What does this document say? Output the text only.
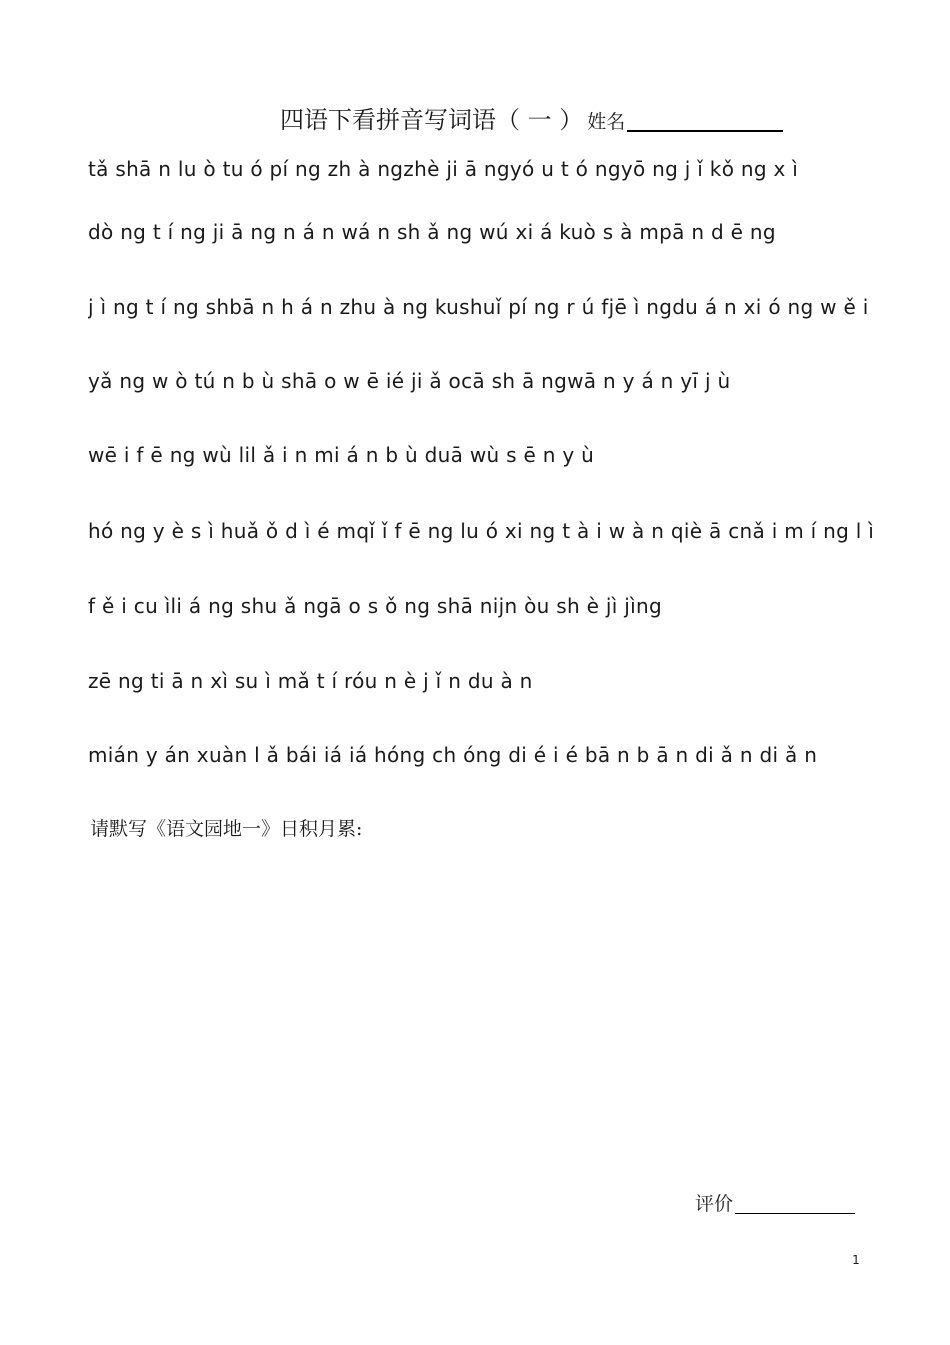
四语下看拼音写词语（ 一 ） 姓名
tǎ shā n lu ò tu ó pí ng zh à ngzhè ji ā ngyó u t ó ngyō ng j ǐ kǒ ng x ì
dò ng t í ng ji ā ng n á n wá n sh ǎ ng wú xi á kuò s à mpā n d ē ng
j ì ng t í ng shbā n h á n zhu à ng kushuǐ pí ng r ú fjē ì ngdu á n xi ó ng w ě i
yǎ ng w ò tú n b ù shā o w ē ié ji ǎ ocā sh ā ngwā n y á n yī j ù
wē i f ē ng wù lil ǎ i n mi á n b ù duā wù s ē n y ù
hó ng y è s ì huǎ ǒ d ì é mqǐ ǐ f ē ng lu ó xi ng t à i w à n qiè ā cnǎ i m í ng l ì
f ě i cu ìli á ng shu ǎ ngā o s ǒ ng shā nijn òu sh è jì jìng
zē ng ti ā n xì su ì mǎ t í róu n è j ǐ n du à n
mián y án xuàn l ǎ bái iá iá hóng ch óng di é i é bā n b ā n di ǎ n di ǎ n
请默写《语文园地一》日积月累:
评价
1
